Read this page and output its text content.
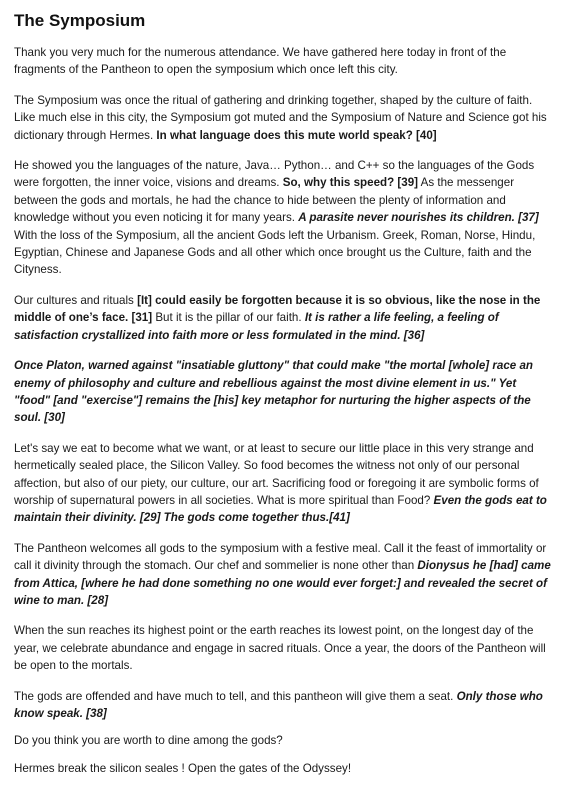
The Symposium

Thank you very much for the numerous attendance. We have gathered here today in front of the fragments of the Pantheon to open the symposium which once left this city.

The Symposium was once the ritual of gathering and drinking together, shaped by the culture of faith. Like much else in this city, the Symposium got muted and the Symposium of Nature and Science got his dictionary through Hermes. In what language does this mute world speak? [40]

He showed you the languages of the nature, Java… Python… and C++ so the languages of the Gods were forgotten, the inner voice, visions and dreams. So, why this speed? [39] As the messenger between the gods and mortals, he had the chance to hide between the plenty of information and knowledge without you even noticing it for many years. A parasite never nourishes its children. [37] With the loss of the Symposium, all the ancient Gods left the Urbanism. Greek, Roman, Norse, Hindu, Egyptian, Chinese and Japanese Gods and all other which once brought us the Culture, faith and the Cityness.

Our cultures and rituals [It] could easily be forgotten because it is so obvious, like the nose in the middle of one’s face. [31] But it is the pillar of our faith. It is rather a life feeling, a feeling of satisfaction crystallized into faith more or less formulated in the mind. [36]

Once Platon, warned against "insatiable gluttony" that could make "the mortal [whole] race an enemy of philosophy and culture and rebellious against the most divine element in us." Yet "food" [and "exercise"] remains the [his] key metaphor for nurturing the higher aspects of the soul. [30]

Let's say we eat to become what we want, or at least to secure our little place in this very strange and hermetically sealed place, the Silicon Valley. So food becomes the witness not only of our personal affection, but also of our piety, our culture, our art. Sacrificing food or foregoing it are symbolic forms of worship of supernatural powers in all societies. What is more spiritual than Food? Even the gods eat to maintain their divinity. [29] The gods come together thus.[41]

The Pantheon welcomes all gods to the symposium with a festive meal. Call it the feast of immortality or call it divinity through the stomach. Our chef and sommelier is none other than Dionysus he [had] came from Attica, [where he had done something no one would ever forget:] and revealed the secret of wine to man. [28]

When the sun reaches its highest point or the earth reaches its lowest point, on the longest day of the year, we celebrate abundance and engage in sacred rituals. Once a year, the doors of the Pantheon will be open to the mortals.

The gods are offended and have much to tell, and this pantheon will give them a seat. Only those who know speak. [38]

Do you think you are worth to dine among the gods?

Hermes break the silicon seales ! Open the gates of the Odyssey!
